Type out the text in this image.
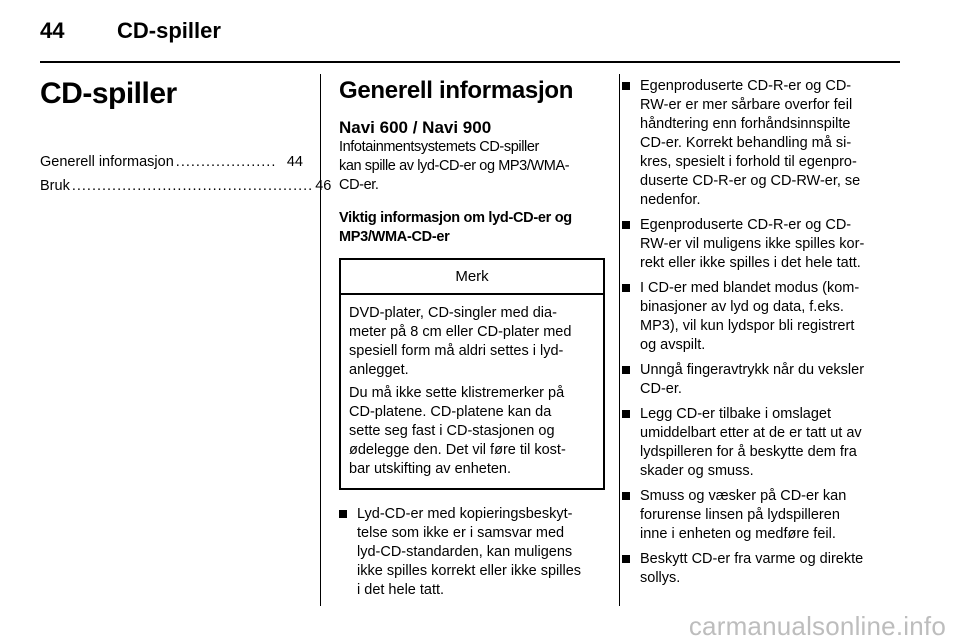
44 CD-spiller
CD-spiller
Generell informasjon .................... 44
Bruk ................................................ 46
Generell informasjon
Navi 600 / Navi 900
Infotainmentsystemets CD-spiller
kan spille av lyd-CD-er og MP3/WMA-
CD-er.
Viktig informasjon om lyd-CD-er og
MP3/WMA-CD-er
Merk

DVD-plater, CD-singler med dia-
meter på 8 cm eller CD-plater med
spesiell form må aldri settes i lyd-
anlegget.

Du må ikke sette klistremerker på
CD-platene. CD-platene kan da
sette seg fast i CD-stasjonen og
ødelegge den. Det vil føre til kost-
bar utskifting av enheten.

Lyd-CD-er med kopieringsbeskyt-
telse som ikke er i samsvar med
lyd-CD-standarden, kan muligens
ikke spilles korrekt eller ikke spilles
i det hele tatt.
Egenproduserte CD-R-er og CD-
RW-er er mer sårbare overfor feil
håndtering enn forhåndsinnspilte
CD-er. Korrekt behandling må si-
kres, spesielt i forhold til egenpro-
duserte CD-R-er og CD-RW-er, se
nedenfor.
Egenproduserte CD-R-er og CD-
RW-er vil muligens ikke spilles kor-
rekt eller ikke spilles i det hele tatt.
I CD-er med blandet modus (kom-
binasjoner av lyd og data, f.eks.
MP3), vil kun lydspor bli registrert
og avspilt.
Unngå fingeravtrykk når du veksler
CD-er.
Legg CD-er tilbake i omslaget
umiddelbart etter at de er tatt ut av
lydspilleren for å beskytte dem fra
skader og smuss.
Smuss og væsker på CD-er kan
forurense linsen på lydspilleren
inne i enheten og medføre feil.
Beskytt CD-er fra varme og direkte
sollys.
carmanualsonline.info
